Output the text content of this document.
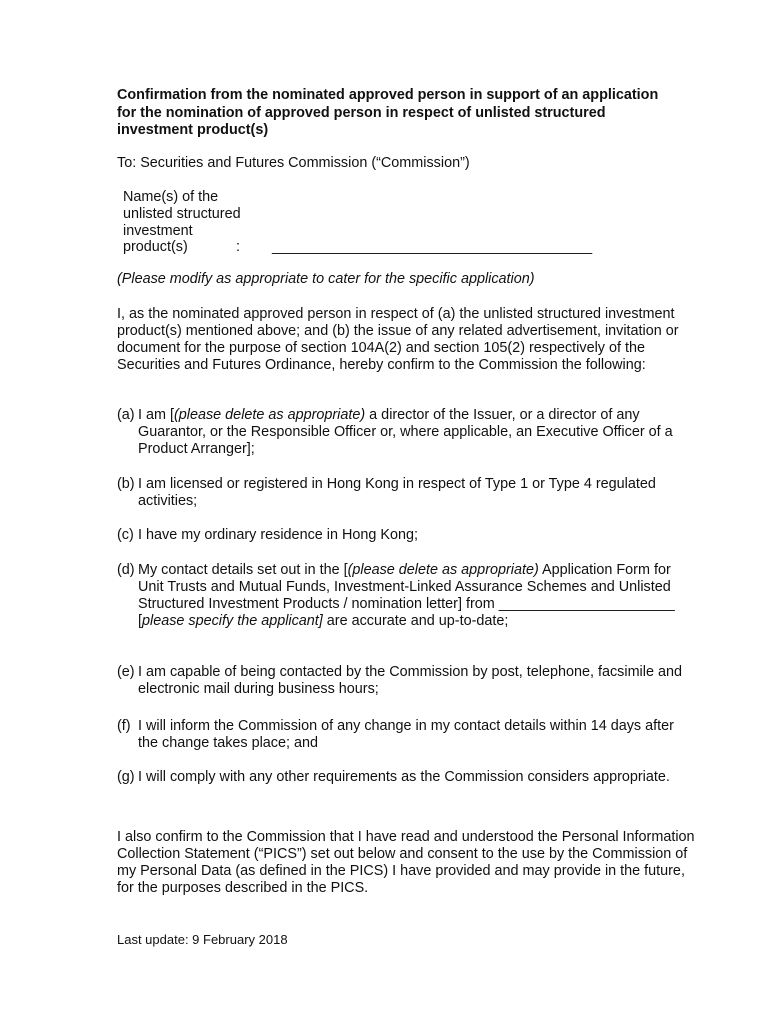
Confirmation from the nominated approved person in support of an application for the nomination of approved person in respect of unlisted structured investment product(s)

To: Securities and Futures Commission (“Commission”)

Name(s) of the
unlisted structured
investment
product(s)	: ________________________________________

(Please modify as appropriate to cater for the specific application)

I, as the nominated approved person in respect of (a) the unlisted structured investment product(s) mentioned above; and (b) the issue of any related advertisement, invitation or document for the purpose of section 104A(2) and section 105(2) respectively of the Securities and Futures Ordinance, hereby confirm to the Commission the following:

(a) I am [(please delete as appropriate) a director of the Issuer, or a director of any Guarantor, or the Responsible Officer or, where applicable, an Executive Officer of a Product Arranger];

(b) I am licensed or registered in Hong Kong in respect of Type 1 or Type 4 regulated activities;

(c) I have my ordinary residence in Hong Kong;

(d) My contact details set out in the [(please delete as appropriate) Application Form for Unit Trusts and Mutual Funds, Investment-Linked Assurance Schemes and Unlisted Structured Investment Products / nomination letter] from ______________________ [please specify the applicant] are accurate and up-to-date;

(e) I am capable of being contacted by the Commission by post, telephone, facsimile and electronic mail during business hours;

(f) I will inform the Commission of any change in my contact details within 14 days after the change takes place; and

(g) I will comply with any other requirements as the Commission considers appropriate.

I also confirm to the Commission that I have read and understood the Personal Information Collection Statement (“PICS”) set out below and consent to the use by the Commission of my Personal Data (as defined in the PICS) I have provided and may provide in the future, for the purposes described in the PICS.

Last update: 9 February 2018
